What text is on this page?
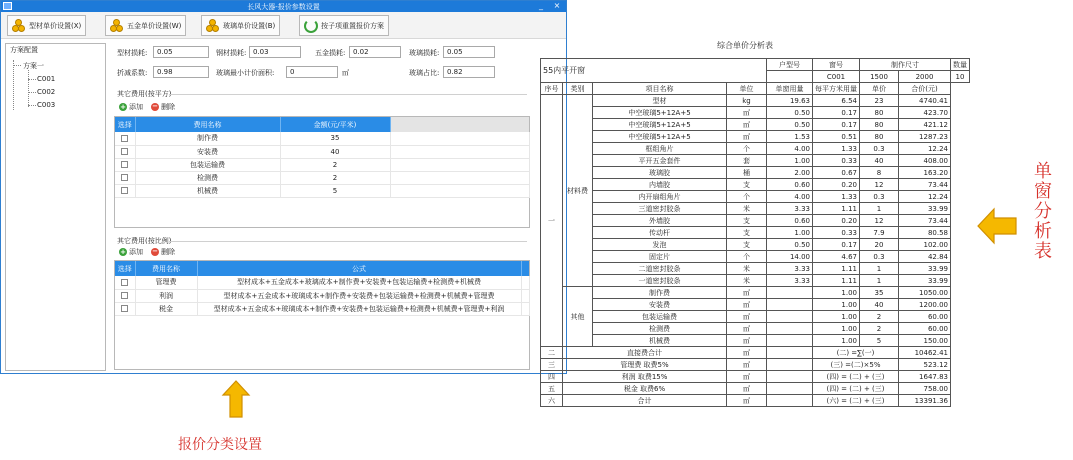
长风大器-报价参数设置	_	×
型材单价设置(X)	五金单价设置(W)	玻璃单价设置(B)	按子项重置报价方案
方案配置
方案一
C001
C002
C003
型材损耗:
0.05	钢材损耗:
0.03	五金损耗:
0.02	玻璃损耗:
0.05
折减系数:
0.98	玻璃最小计价面积:
0	㎡	玻璃占比:
0.82
其它费用(按平方)
+ 添加 − 删除
选择	费用名称	金额(元/平米)	
	制作费	35	
	安装费	40	
	包装运输费	2	
	检测费	2	
	机械费	5	
其它费用(按比例)
+ 添加 − 删除
选择	费用名称	公式	
	管理费	型材成本+五金成本+玻璃成本+制作费+安装费+包装运输费+检测费+机械费	
	利润	型材成本+五金成本+玻璃成本+制作费+安装费+包装运输费+检测费+机械费+管理费	
	税金	型材成本+五金成本+玻璃成本+制作费+安装费+包装运输费+检测费+机械费+管理费+利润	
综合单价分析表
55内平开窗				户型号	窗号	制作尺寸		数量
					C001	1500	2000	10
序号	类别	项目名称	单位	单窗用量	每平方米用量	单价	合价(元)	
一	材料费	型材	kg	19.63	6.54	23	4740.41	
		中空玻璃5+12A+5	㎡	0.50	0.17	80	423.70	
		中空玻璃5+12A+5	㎡	0.50	0.17	80	421.12	
		中空玻璃5+12A+5	㎡	1.53	0.51	80	1287.23	
		框组角片	个	4.00	1.33	0.3	12.24	
		平开五金套件	套	1.00	0.33	40	408.00	
		玻璃胶	桶	2.00	0.67	8	163.20	
		内墙胶	支	0.60	0.20	12	73.44	
		内开扇组角片	个	4.00	1.33	0.3	12.24	
		三道密封胶条	米	3.33	1.11	1	33.99	
		外墙胶	支	0.60	0.20	12	73.44	
		传动杆	支	1.00	0.33	7.9	80.58	
		发泡	支	0.50	0.17	20	102.00	
		固定片	个	14.00	4.67	0.3	42.84	
		二道密封胶条	米	3.33	1.11	1	33.99	
		一道密封胶条	米	3.33	1.11	1	33.99	
	其他	制作费	㎡		1.00	35	1050.00	
		安装费	㎡		1.00	40	1200.00	
		包装运输费	㎡		1.00	2	60.00	
		检测费	㎡		1.00	2	60.00	
		机械费	㎡		1.00	5	150.00	
二	直接费合计		㎡		(二) =∑(一)		10462.41	
三	管理费 取费5%		㎡		(三) =(二)×5%		523.12	
四	利润 取费15%		㎡		(四) = (二) + (三)		1647.83	
五	税金 取费6%		㎡		(四) = (二) + (三)		758.00	
六	合计		㎡		(六) = (二) + (三)		13391.36	
单窗分析表
报价分类设置
